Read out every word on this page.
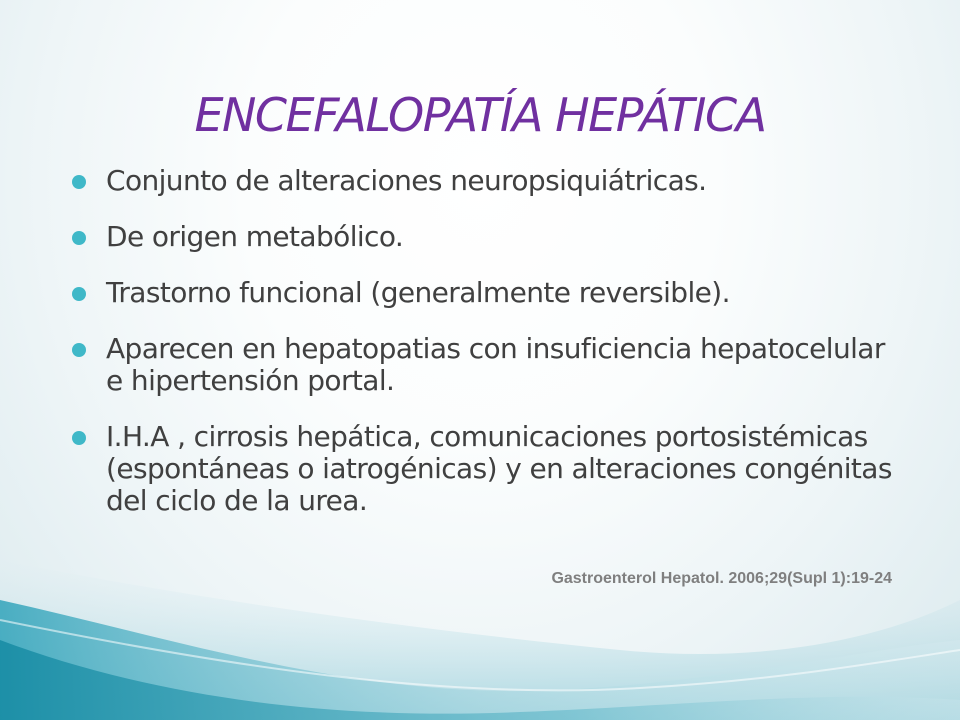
ENCEFALOPATÍA HEPÁTICA
Conjunto de alteraciones neuropsiquiátricas.
De origen metabólico.
Trastorno funcional (generalmente reversible).
Aparecen en hepatopatias con insuficiencia hepatocelular e hipertensión portal.
I.H.A , cirrosis hepática, comunicaciones portosistémicas (espontáneas o iatrogénicas) y en alteraciones congénitas del ciclo de la urea.

Gastroenterol Hepatol. 2006;29(Supl 1):19-24
